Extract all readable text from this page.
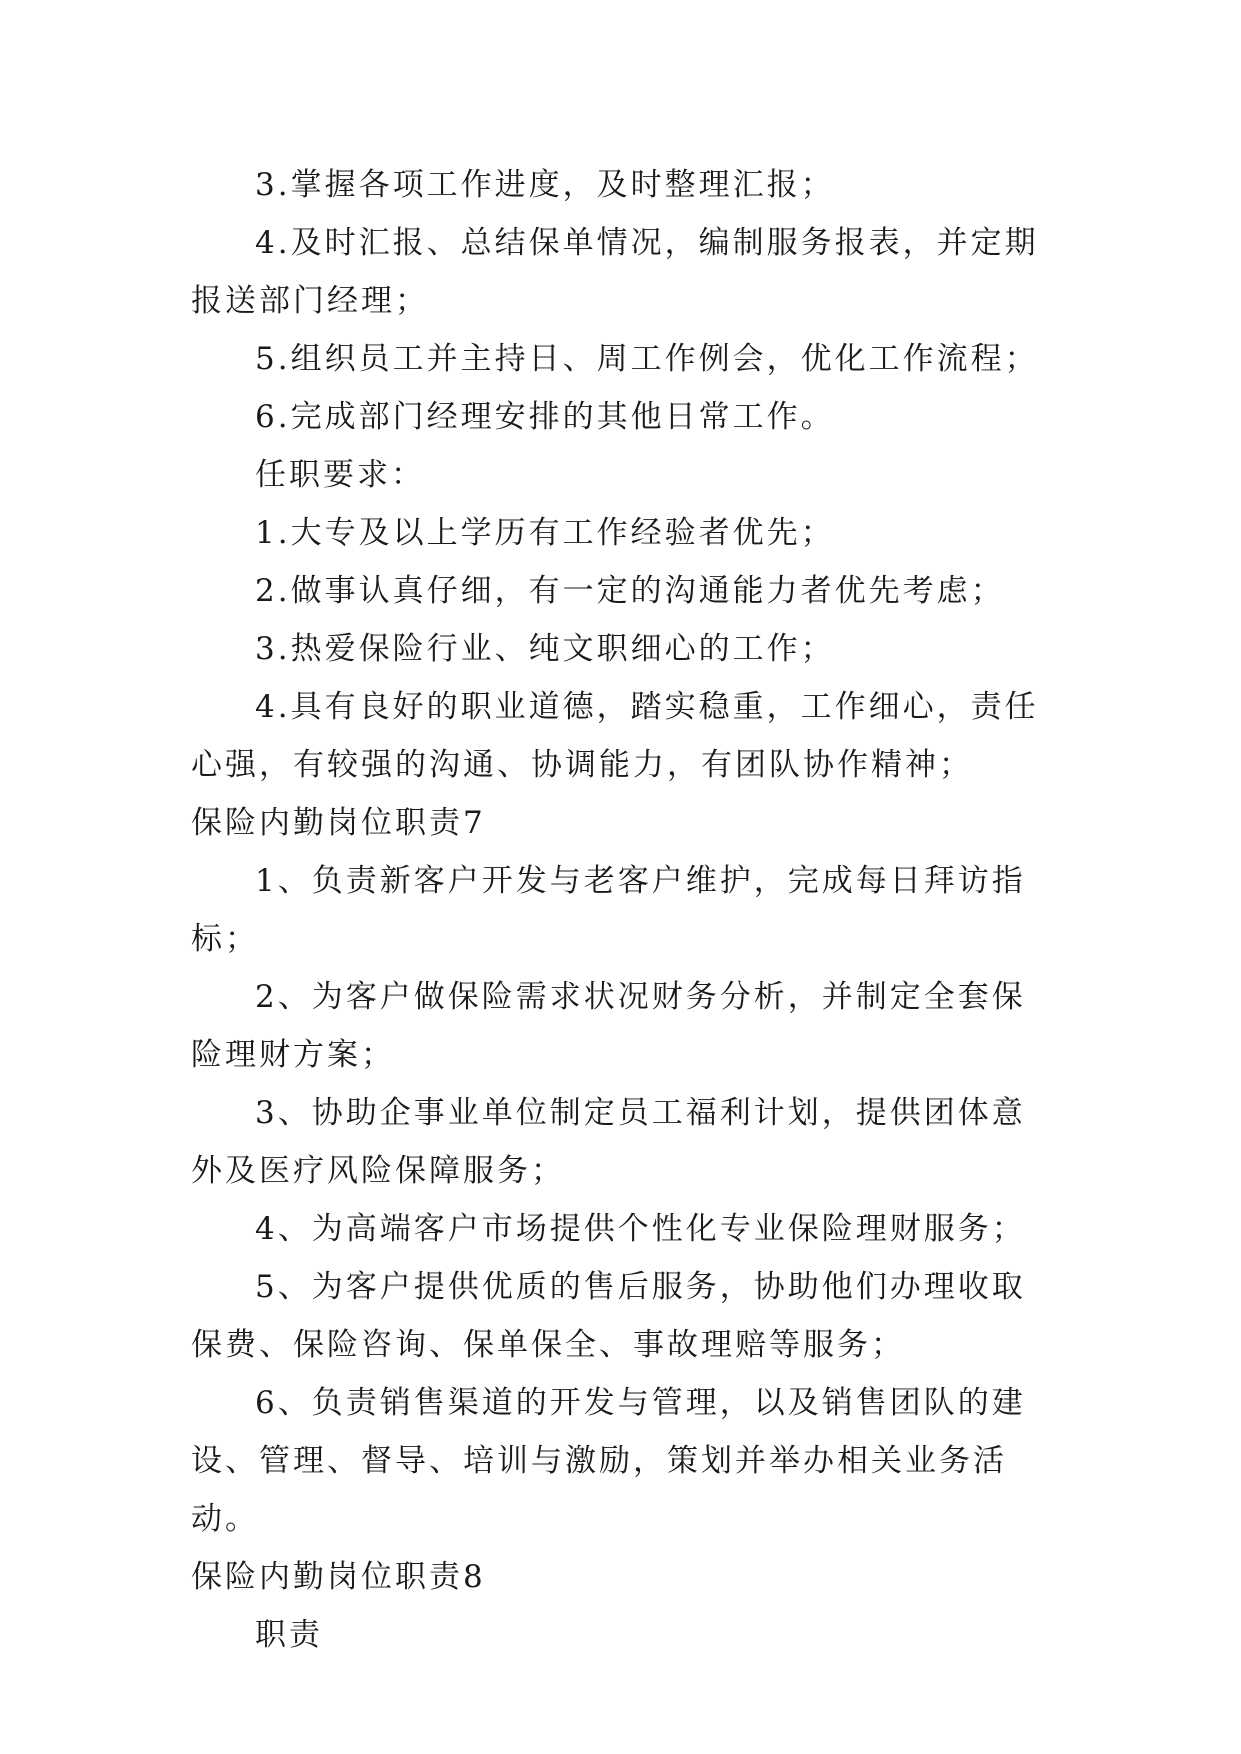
3.掌握各项工作进度，及时整理汇报；

4.及时汇报、总结保单情况，编制服务报表，并定期报送部门经理；

5.组织员工并主持日、周工作例会，优化工作流程；

6.完成部门经理安排的其他日常工作。

任职要求：

1.大专及以上学历有工作经验者优先；

2.做事认真仔细，有一定的沟通能力者优先考虑；

3.热爱保险行业、纯文职细心的工作；

4.具有良好的职业道德，踏实稳重，工作细心，责任心强，有较强的沟通、协调能力，有团队协作精神；

保险内勤岗位职责7

1、负责新客户开发与老客户维护，完成每日拜访指标；

2、为客户做保险需求状况财务分析，并制定全套保险理财方案；

3、协助企事业单位制定员工福利计划，提供团体意外及医疗风险保障服务；

4、为高端客户市场提供个性化专业保险理财服务；

5、为客户提供优质的售后服务，协助他们办理收取保费、保险咨询、保单保全、事故理赔等服务；

6、负责销售渠道的开发与管理，以及销售团队的建设、管理、督导、培训与激励，策划并举办相关业务活动。

保险内勤岗位职责8

职责
